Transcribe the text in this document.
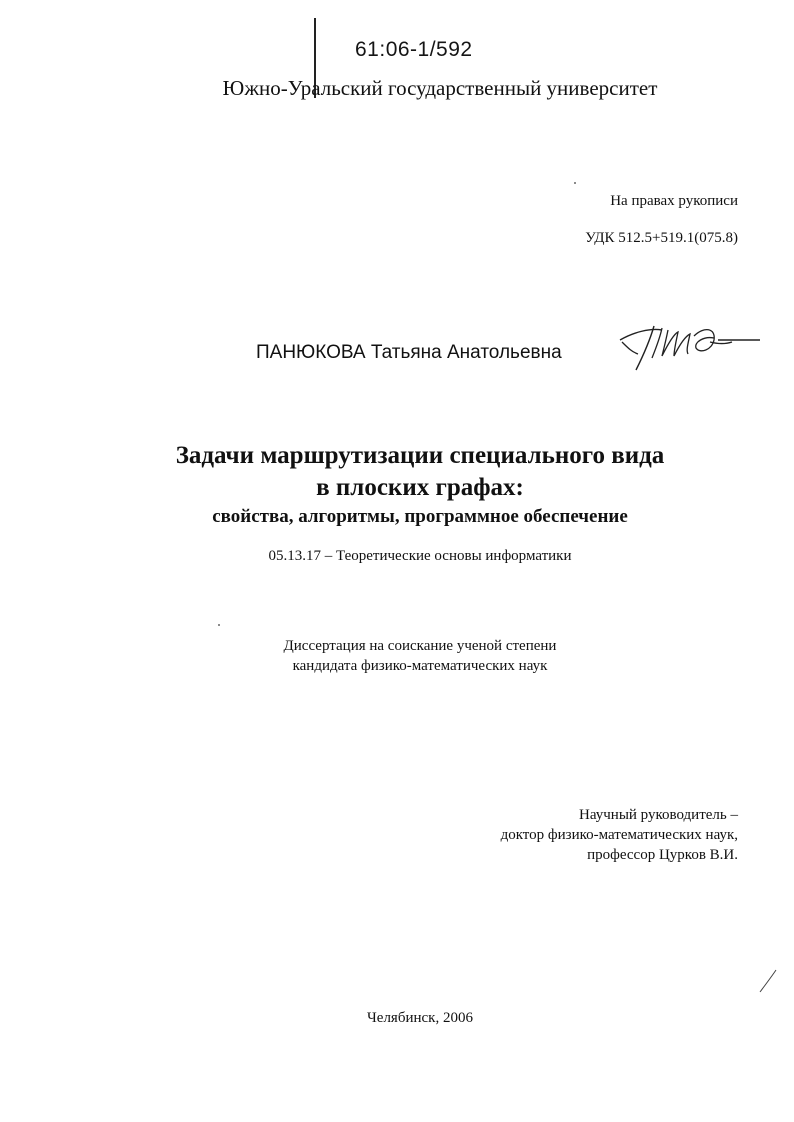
61:06-1/592
Южно-Уральский государственный университет
На правах рукописи
УДК 512.5+519.1(075.8)
ПАНЮКОВА Татьяна Анатольевна
Задачи маршрутизации специального вида
в плоских графах:
свойства, алгоритмы, программное обеспечение
05.13.17 – Теоретические основы информатики
Диссертация на соискание ученой степени
кандидата физико-математических наук
Научный руководитель –
доктор физико-математических наук,
профессор Цурков В.И.
Челябинск, 2006
